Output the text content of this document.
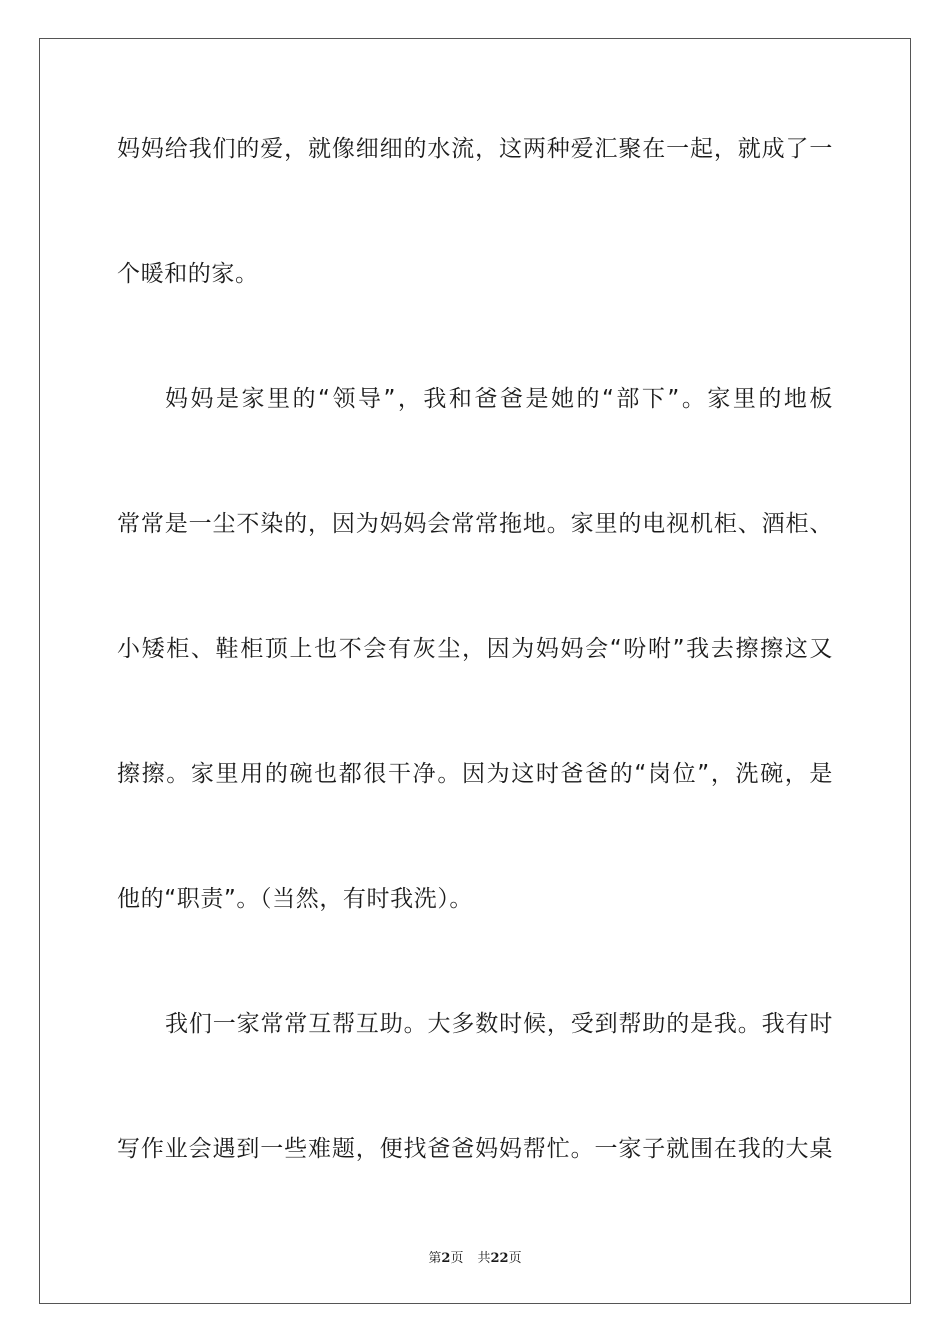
妈妈给我们的爱，就像细细的水流，这两种爱汇聚在一起，就成了一

个暖和的家。

妈妈是家里的“领导”，我和爸爸是她的“部下”。家里的地板

常常是一尘不染的，因为妈妈会常常拖地。家里的电视机柜、酒柜、

小矮柜、鞋柜顶上也不会有灰尘，因为妈妈会“吩咐”我去擦擦这又

擦擦。家里用的碗也都很干净。因为这时爸爸的“岗位”，洗碗，是

他的“职责”。（当然，有时我洗）。

我们一家常常互帮互助。大多数时候，受到帮助的是我。我有时

写作业会遇到一些难题，便找爸爸妈妈帮忙。一家子就围在我的大桌

第2页 共22页
